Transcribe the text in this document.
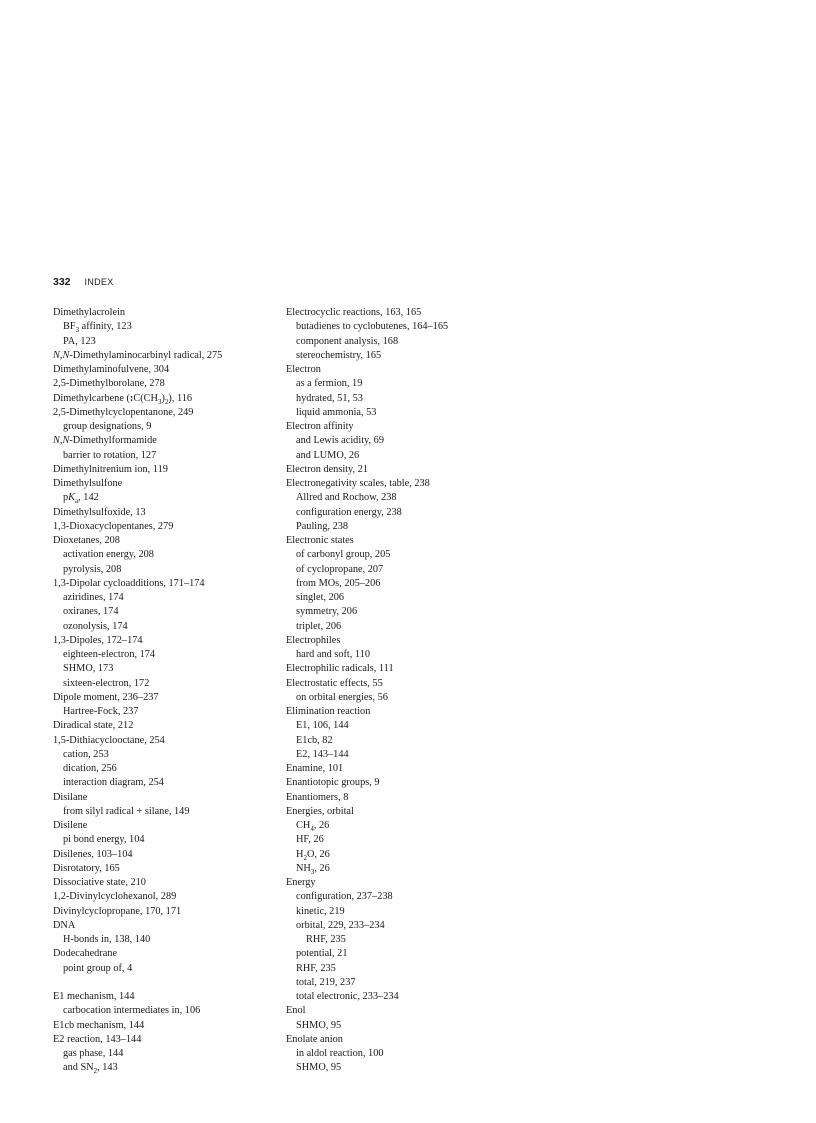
332 INDEX
Dimethylacrolein
$BF_3$ affinity, 123
PA, 123
N,N-Dimethylaminocarbinyl radical, 275
Dimethylaminofulvene, 304
2,5-Dimethylborolane, 278
Dimethylcarbene $(:C(CH_3)_2)$, 116
2,5-Dimethylcyclopentanone, 249
group designations, 9
N,N-Dimethylformamide
barrier to rotation, 127
Dimethylnitrenium ion, 119
Dimethylsulfone
$pK_a$, 142
Dimethylsulfoxide, 13
1,3-Dioxacyclopentanes, 279
Dioxetanes, 208
activation energy, 208
pyrolysis, 208
1,3-Dipolar cycloadditions, 171–174
aziridines, 174
oxiranes, 174
ozonolysis, 174
1,3-Dipoles, 172–174
eighteen-electron, 174
SHMO, 173
sixteen-electron, 172
Dipole moment, 236–237
Hartree-Fock, 237
Diradical state, 212
1,5-Dithiacyclooctane, 254
cation, 253
dication, 256
interaction diagram, 254
Disilane
from silyl radical + silane, 149
Disilene
pi bond energy, 104
Disilenes, 103–104
Disrotatory, 165
Dissociative state, 210
1,2-Divinylcyclohexanol, 289
Divinylcyclopropane, 170, 171
DNA
H-bonds in, 138, 140
Dodecahedrane
point group of, 4
E1 mechanism, 144
carbocation intermediates in, 106
E1cb mechanism, 144
E2 reaction, 143–144
gas phase, 144
and $SN_2$, 143
Electrocyclic reactions, 163, 165
butadienes to cyclobutenes, 164–165
component analysis, 168
stereochemistry, 165
Electron
as a fermion, 19
hydrated, 51, 53
liquid ammonia, 53
Electron affinity
and Lewis acidity, 69
and LUMO, 26
Electron density, 21
Electronegativity scales, table, 238
Allred and Rochow, 238
configuration energy, 238
Pauling, 238
Electronic states
of carbonyl group, 205
of cyclopropane, 207
from MOs, 205–206
singlet, 206
symmetry, 206
triplet, 206
Electrophiles
hard and soft, 110
Electrophilic radicals, 111
Electrostatic effects, 55
on orbital energies, 56
Elimination reaction
E1, 106, 144
E1cb, 82
E2, 143–144
Enamine, 101
Enantiotopic groups, 9
Enantiomers, 8
Energies, orbital
$CH_4$, 26
HF, 26
$H_2O$, 26
$NH_3$, 26
Energy
configuration, 237–238
kinetic, 219
orbital, 229, 233–234
RHF, 235
potential, 21
RHF, 235
total, 219, 237
total electronic, 233–234
Enol
SHMO, 95
Enolate anion
in aldol reaction, 100
SHMO, 95
